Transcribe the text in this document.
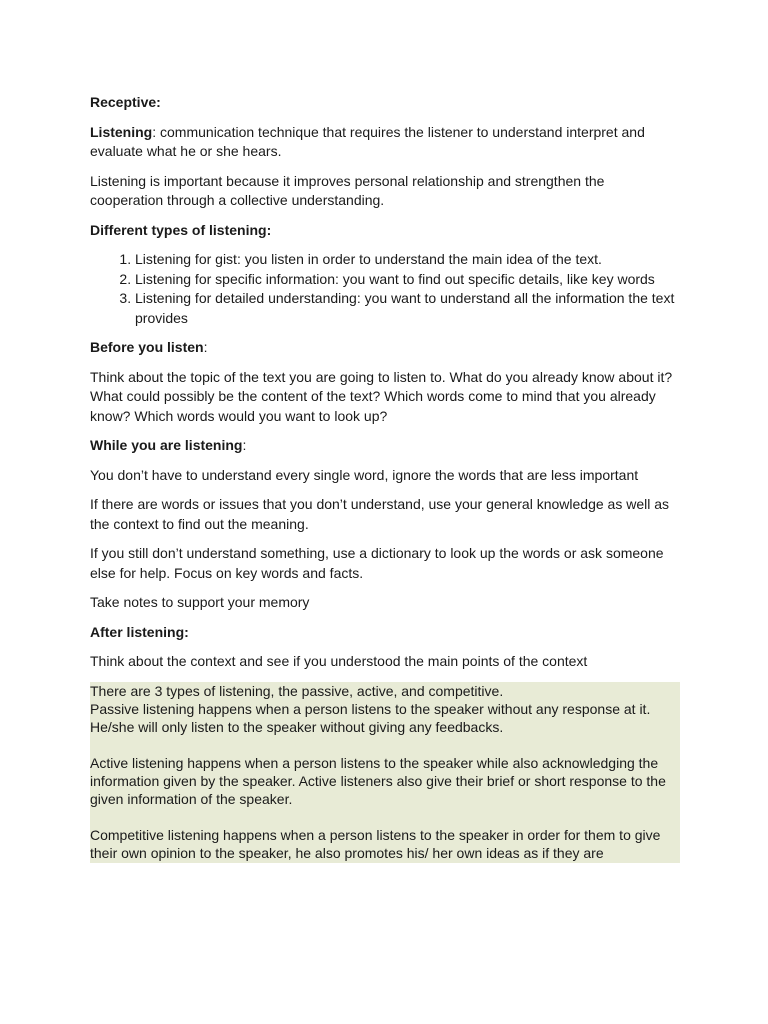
Receptive:

Listening: communication technique that requires the listener to understand interpret and evaluate what he or she hears.

Listening is important because it improves personal relationship and strengthen the cooperation through a collective understanding.

Different types of listening:

1. Listening for gist: you listen in order to understand the main idea of the text.
2. Listening for specific information: you want to find out specific details, like key words
3. Listening for detailed understanding: you want to understand all the information the text provides

Before you listen:

Think about the topic of the text you are going to listen to. What do you already know about it? What could possibly be the content of the text? Which words come to mind that you already know? Which words would you want to look up?

While you are listening:

You don’t have to understand every single word, ignore the words that are less important

If there are words or issues that you don’t understand, use your general knowledge as well as the context to find out the meaning.

If you still don’t understand something, use a dictionary to look up the words or ask someone else for help. Focus on key words and facts.

Take notes to support your memory

After listening:

Think about the context and see if you understood the main points of the context

There are 3 types of listening, the passive, active, and competitive.

Passive listening happens when a person listens to the speaker without any response at it. He/she will only listen to the speaker without giving any feedbacks.

Active listening happens when a person listens to the speaker while also acknowledging the information given by the speaker. Active listeners also give their brief or short response to the given information of the speaker.

Competitive listening happens when a person listens to the speaker in order for them to give their own opinion to the speaker, he also promotes his/ her own ideas as if they are
